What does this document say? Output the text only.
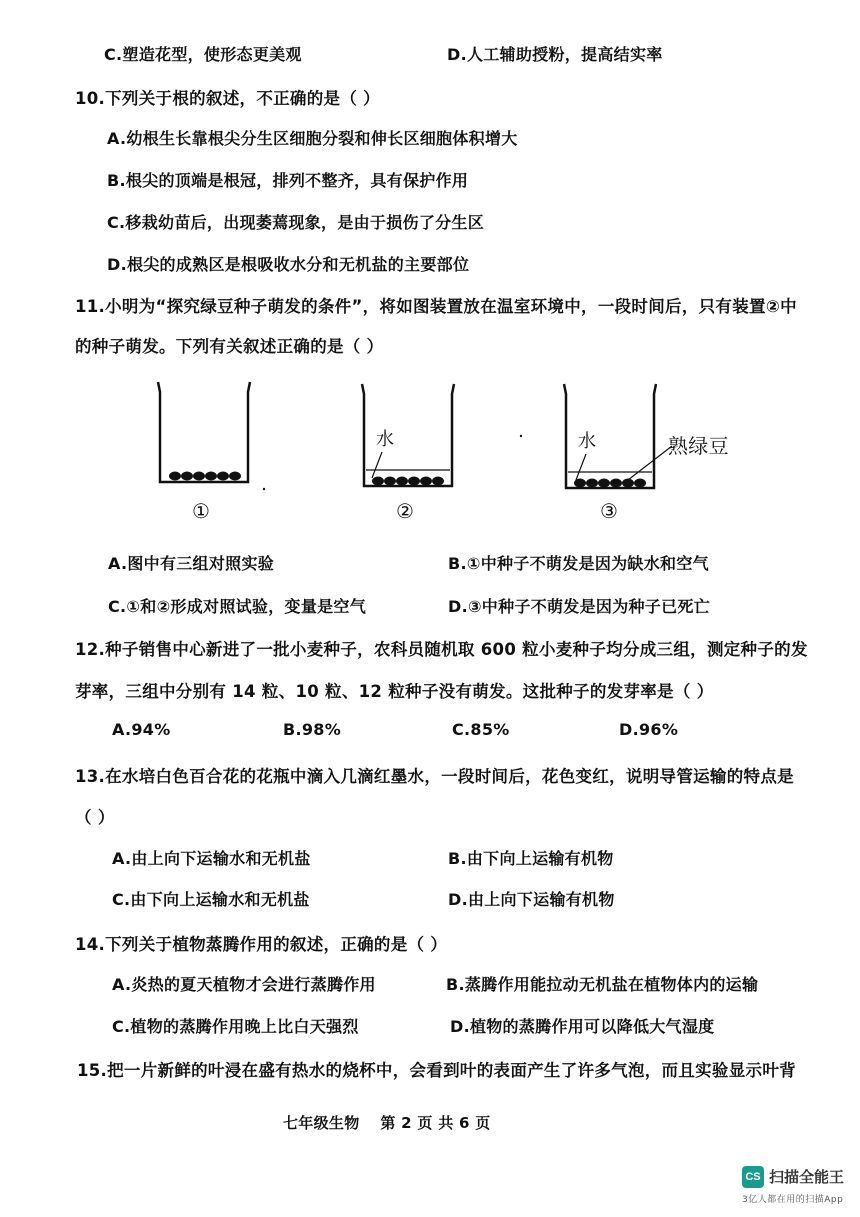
C.塑造花型，使形态更美观	D.人工辅助授粉，提高结实率
10.下列关于根的叙述，不正确的是（ ）
A.幼根生长靠根尖分生区细胞分裂和伸长区细胞体积增大
B.根尖的顶端是根冠，排列不整齐，具有保护作用
C.移栽幼苗后，出现萎蔫现象，是由于损伤了分生区
D.根尖的成熟区是根吸收水分和无机盐的主要部位
11.小明为“探究绿豆种子萌发的条件”，将如图装置放在温室环境中，一段时间后，只有装置②中
的种子萌发。下列有关叙述正确的是（ ）
水	水	熟绿豆
①	②	③
A.图中有三组对照实验	B.①中种子不萌发是因为缺水和空气
C.①和②形成对照试验，变量是空气	D.③中种子不萌发是因为种子已死亡
12.种子销售中心新进了一批小麦种子，农科员随机取 600 粒小麦种子均分成三组，测定种子的发
芽率，三组中分别有 14 粒、10 粒、12 粒种子没有萌发。这批种子的发芽率是（ ）
A.94%	B.98%	C.85%	D.96%
13.在水培白色百合花的花瓶中滴入几滴红墨水，一段时间后，花色变红，说明导管运输的特点是
（ ）
A.由上向下运输水和无机盐	B.由下向上运输有机物
C.由下向上运输水和无机盐	D.由上向下运输有机物
14.下列关于植物蒸腾作用的叙述，正确的是（ ）
A.炎热的夏天植物才会进行蒸腾作用	B.蒸腾作用能拉动无机盐在植物体内的运输
C.植物的蒸腾作用晚上比白天强烈	D.植物的蒸腾作用可以降低大气湿度
15.把一片新鲜的叶浸在盛有热水的烧杯中，会看到叶的表面产生了许多气泡，而且实验显示叶背
七年级生物　 第 2 页 共 6 页
CS 扫描全能王
3亿人都在用的扫描App
